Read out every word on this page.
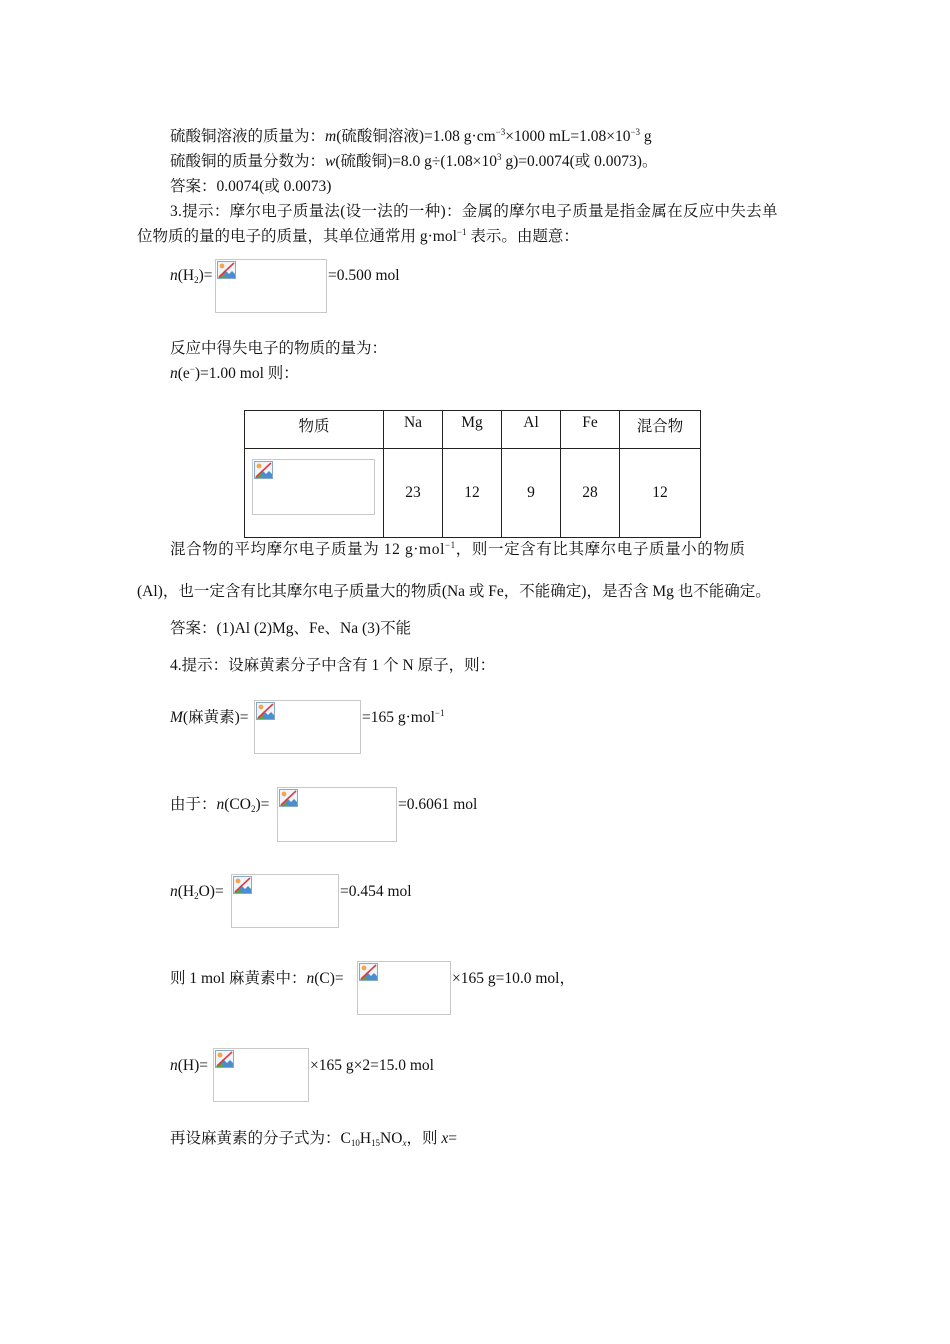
硫酸铜溶液的质量为：m(硫酸铜溶液)=1.08 $g\cdot cm^{-3}\times 1000$ $mL=1.08\times 10^{-3}$ g
硫酸铜的质量分数为：w(硫酸铜)=8.0 $g\div(1.08\times 10^3$ g)=0.0074(或 0.0073)。
答案：0.0074(或 0.0073)
3.提示：摩尔电子质量法(设一法的一种)：金属的摩尔电子质量是指金属在反应中失去单
位物质的量的电子的质量，其单位通常用 g·mol$^{-1}$ 表示。由题意：
$n(H_2)=$	=0.500 mol
反应中得失电子的物质的量为：
n(e−)=1.00 mol 则：
物质	Na	Mg	Al	Fe	混合物

	23	12	9	28	12
混合物的平均摩尔电子质量为 12 g·mol$^{-1}$，则一定含有比其摩尔电子质量小的物质
(Al)，也一定含有比其摩尔电子质量大的物质(Na 或 Fe，不能确定)，是否含 Mg 也不能确定。
答案：(1)Al (2)Mg、Fe、Na (3)不能
4.提示：设麻黄素分子中含有 1 个 N 原子，则：
M(麻黄素)=	=165 g·mol$^{-1}$
由于：$n(CO_2)=$	=0.6061 mol
$n(H_2O)=$	=0.454 mol
则 1 mol 麻黄素中：n(C)=	×165 g=10.0 mol，
n(H)=	×165 g×2=15.0 mol
再设麻黄素的分子式为：$C_{10}H_{15}NO_x$，则 x=
